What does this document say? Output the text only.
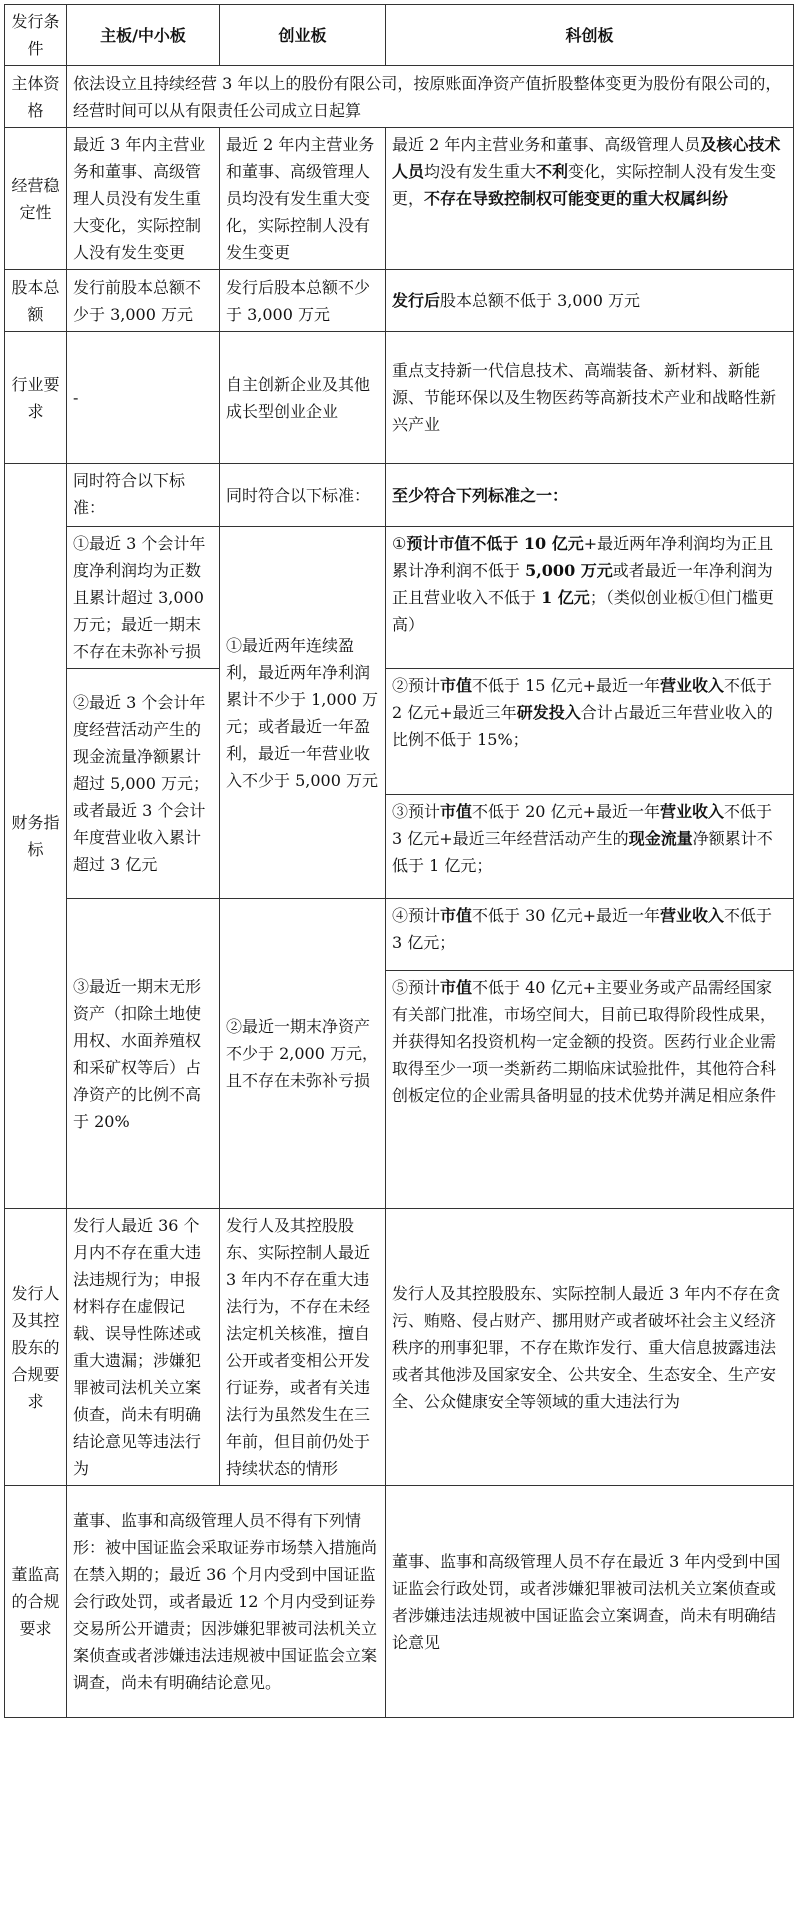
发行条件	主板/中小板	创业板	科创板
主体资格	依法设立且持续经营 3 年以上的股份有限公司，按原账面净资产值折股整体变更为股份有限公司的，经营时间可以从有限责任公司成立日起算		
经营稳定性	最近 3 年内主营业务和董事、高级管理人员没有发生重大变化，实际控制人没有发生变更	最近 2 年内主营业务和董事、高级管理人员均没有发生重大变化，实际控制人没有发生变更	最近 2 年内主营业务和董事、高级管理人员及核心技术人员均没有发生重大不利变化，实际控制人没有发生变更，不存在导致控制权可能变更的重大权属纠纷
股本总额	发行前股本总额不少于 3,000 万元	发行后股本总额不少于 3,000 万元	发行后股本总额不低于 3,000 万元
行业要求	-	自主创新企业及其他成长型创业企业	重点支持新一代信息技术、高端装备、新材料、新能源、节能环保以及生物医药等高新技术产业和战略性新兴产业
财务指标	同时符合以下标准：	同时符合以下标准：	至少符合下列标准之一：
	①最近 3 个会计年度净利润均为正数且累计超过 3,000 万元；最近一期末不存在未弥补亏损	①最近两年连续盈利，最近两年净利润累计不少于 1,000 万元；或者最近一年盈利，最近一年营业收入不少于 5,000 万元	①预计市值不低于 10 亿元+最近两年净利润均为正且累计净利润不低于 5,000 万元或者最近一年净利润为正且营业收入不低于 1 亿元；（类似创业板①但门槛更高）
	②最近 3 个会计年度经营活动产生的现金流量净额累计超过 5,000 万元；或者最近 3 个会计年度营业收入累计超过 3 亿元		②预计市值不低于 15 亿元+最近一年营业收入不低于 2 亿元+最近三年研发投入合计占最近三年营业收入的比例不低于 15%；
			③预计市值不低于 20 亿元+最近一年营业收入不低于 3 亿元+最近三年经营活动产生的现金流量净额累计不低于 1 亿元；
	③最近一期末无形资产（扣除土地使用权、水面养殖权和采矿权等后）占净资产的比例不高于 20%	②最近一期末净资产不少于 2,000 万元，且不存在未弥补亏损	④预计市值不低于 30 亿元+最近一年营业收入不低于 3 亿元；
			⑤预计市值不低于 40 亿元+主要业务或产品需经国家有关部门批准，市场空间大，目前已取得阶段性成果，并获得知名投资机构一定金额的投资。医药行业企业需取得至少一项一类新药二期临床试验批件，其他符合科创板定位的企业需具备明显的技术优势并满足相应条件
发行人及其控股东的合规要求	发行人最近 36 个月内不存在重大违法违规行为；申报材料存在虚假记载、误导性陈述或重大遗漏；涉嫌犯罪被司法机关立案侦查，尚未有明确结论意见等违法行为	发行人及其控股股东、实际控制人最近 3 年内不存在重大违法行为，不存在未经法定机关核准，擅自公开或者变相公开发行证券，或者有关违法行为虽然发生在三年前，但目前仍处于持续状态的情形	发行人及其控股股东、实际控制人最近 3 年内不存在贪污、贿赂、侵占财产、挪用财产或者破坏社会主义经济秩序的刑事犯罪，不存在欺诈发行、重大信息披露违法或者其他涉及国家安全、公共安全、生态安全、生产安全、公众健康安全等领域的重大违法行为
董监高的合规要求	董事、监事和高级管理人员不得有下列情形：被中国证监会采取证券市场禁入措施尚在禁入期的；最近 36 个月内受到中国证监会行政处罚，或者最近 12 个月内受到证券交易所公开谴责；因涉嫌犯罪被司法机关立案侦查或者涉嫌违法违规被中国证监会立案调查，尚未有明确结论意见。		董事、监事和高级管理人员不存在最近 3 年内受到中国证监会行政处罚，或者涉嫌犯罪被司法机关立案侦查或者涉嫌违法违规被中国证监会立案调查，尚未有明确结论意见
